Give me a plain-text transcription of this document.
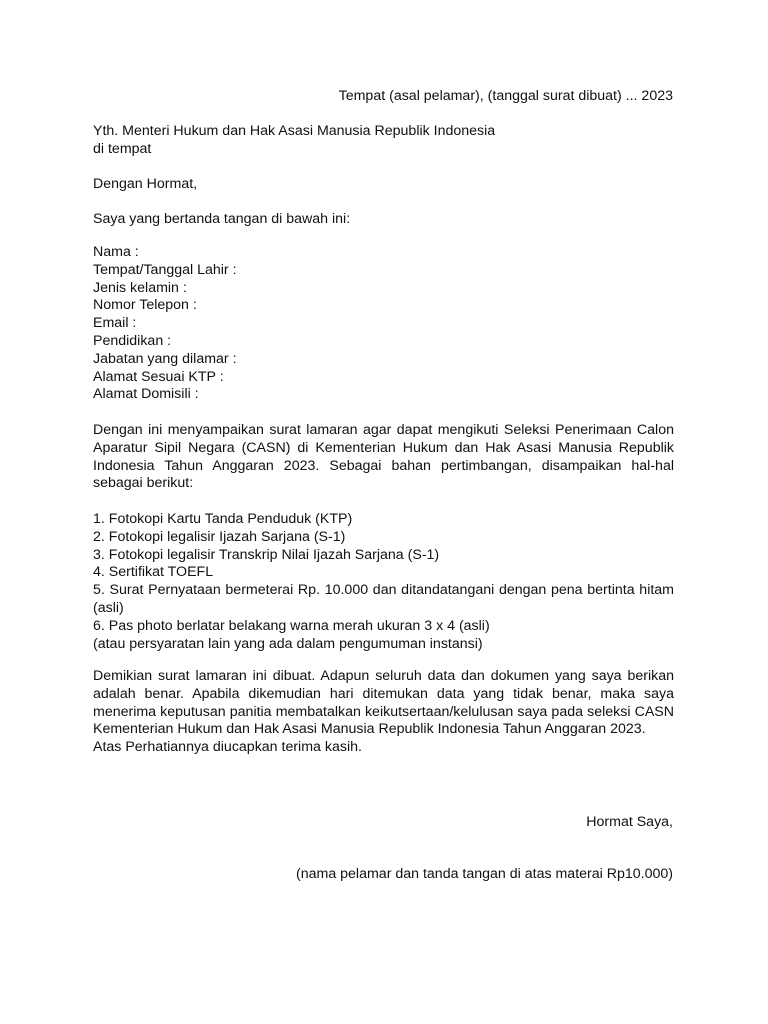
Tempat (asal pelamar), (tanggal surat dibuat) ... 2023
Yth. Menteri Hukum dan Hak Asasi Manusia Republik Indonesia
di tempat
Dengan Hormat,
Saya yang bertanda tangan di bawah ini:
Nama :
Tempat/Tanggal Lahir :
Jenis kelamin :
Nomor Telepon :
Email :
Pendidikan :
Jabatan yang dilamar :
Alamat Sesuai KTP :
Alamat Domisili :
Dengan ini menyampaikan surat lamaran agar dapat mengikuti Seleksi Penerimaan Calon Aparatur Sipil Negara (CASN) di Kementerian Hukum dan Hak Asasi Manusia Republik Indonesia Tahun Anggaran 2023. Sebagai bahan pertimbangan, disampaikan hal-hal sebagai berikut:
1. Fotokopi Kartu Tanda Penduduk (KTP)
2. Fotokopi legalisir Ijazah Sarjana (S-1)
3. Fotokopi legalisir Transkrip Nilai Ijazah Sarjana (S-1)
4. Sertifikat TOEFL
5. Surat Pernyataan bermeterai Rp. 10.000 dan ditandatangani dengan pena bertinta hitam (asli)
6. Pas photo berlatar belakang warna merah ukuran 3 x 4 (asli)
(atau persyaratan lain yang ada dalam pengumuman instansi)
Demikian surat lamaran ini dibuat. Adapun seluruh data dan dokumen yang saya berikan adalah benar. Apabila dikemudian hari ditemukan data yang tidak benar, maka saya menerima keputusan panitia membatalkan keikutsertaan/kelulusan saya pada seleksi CASN Kementerian Hukum dan Hak Asasi Manusia Republik Indonesia Tahun Anggaran 2023.
Atas Perhatiannya diucapkan terima kasih.
Hormat Saya,
(nama pelamar dan tanda tangan di atas materai Rp10.000)
